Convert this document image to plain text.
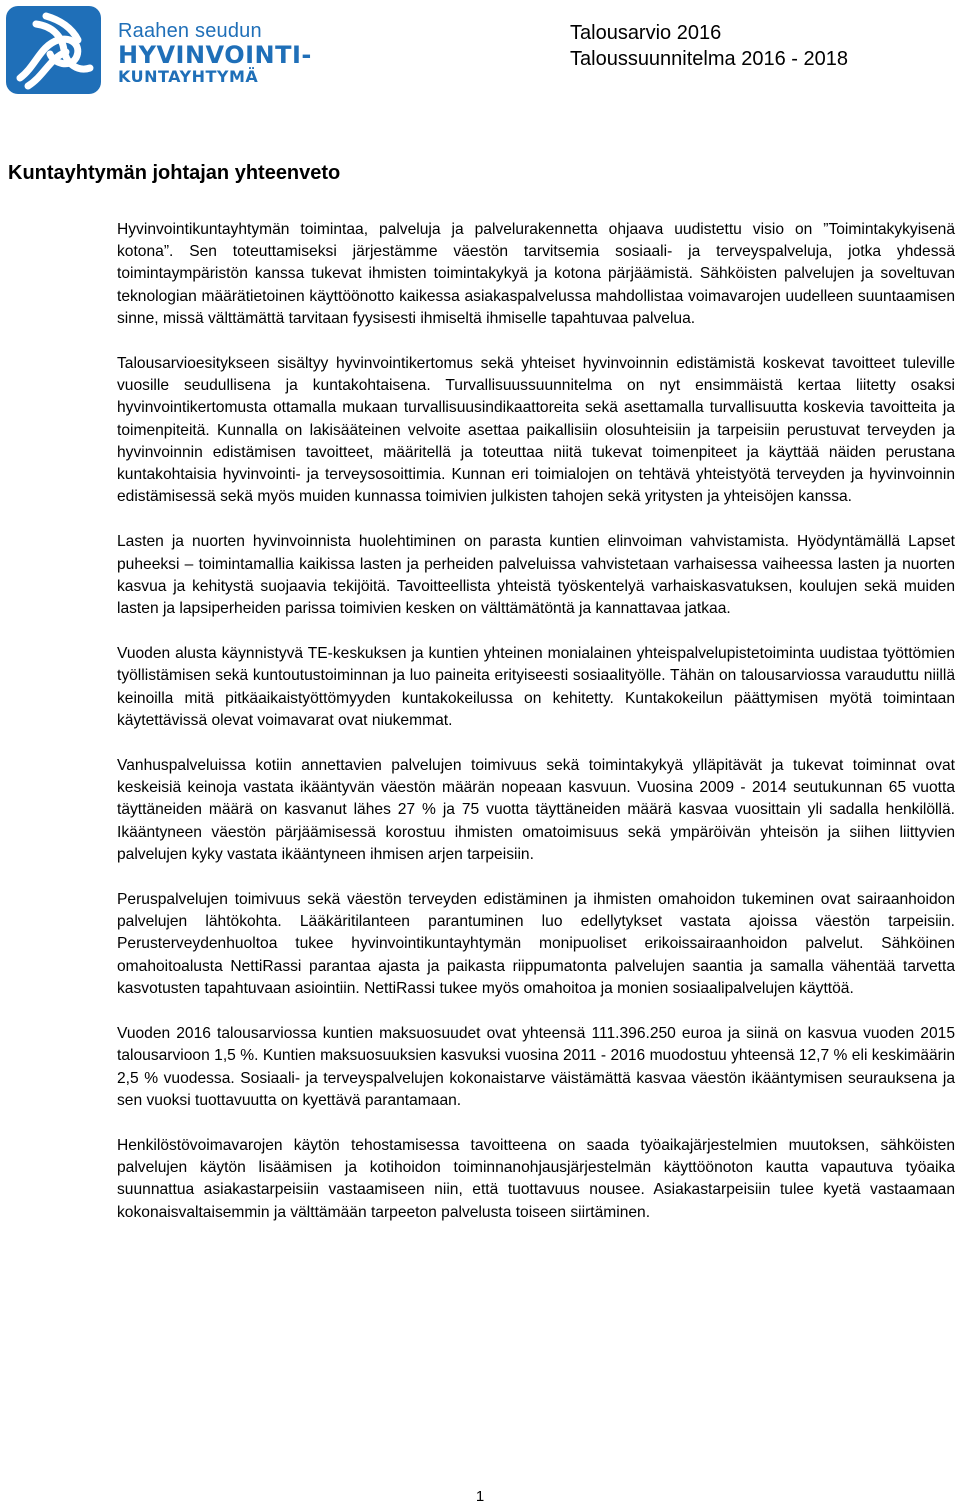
Raahen seudun
HYVINVOINTI-
KUNTAYHTYMÄ
Talousarvio 2016
Taloussuunnitelma 2016 - 2018
Kuntayhtymän johtajan yhteenveto

Hyvinvointikuntayhtymän toimintaa, palveluja ja palvelurakennetta ohjaava uudistettu visio on ”Toimintakykyisenä kotona”. Sen toteuttamiseksi järjestämme väestön tarvitsemia sosiaali- ja terveyspalveluja, jotka yhdessä toimintaympäristön kanssa tukevat ihmisten toimintakykyä ja kotona pärjäämistä. Sähköisten palvelujen ja soveltuvan teknologian määrätietoinen käyttöönotto kaikessa asiakaspalvelussa mahdollistaa voimavarojen uudelleen suuntaamisen sinne, missä välttämättä tarvitaan fyysisesti ihmiseltä ihmiselle tapahtuvaa palvelua.

Talousarvioesitykseen sisältyy hyvinvointikertomus sekä yhteiset hyvinvoinnin edistämistä koskevat tavoitteet tuleville vuosille seudullisena ja kuntakohtaisena. Turvallisuussuunnitelma on nyt ensimmäistä kertaa liitetty osaksi hyvinvointikertomusta ottamalla mukaan turvallisuusindikaattoreita sekä asettamalla turvallisuutta koskevia tavoitteita ja toimenpiteitä. Kunnalla on lakisääteinen velvoite asettaa paikallisiin olosuhteisiin ja tarpeisiin perustuvat terveyden ja hyvinvoinnin edistämisen tavoitteet, määritellä ja toteuttaa niitä tukevat toimenpiteet ja käyttää näiden perustana kuntakohtaisia hyvinvointi- ja terveysosoittimia. Kunnan eri toimialojen on tehtävä yhteistyötä terveyden ja hyvinvoinnin edistämisessä sekä myös muiden kunnassa toimivien julkisten tahojen sekä yritysten ja yhteisöjen kanssa.

Lasten ja nuorten hyvinvoinnista huolehtiminen on parasta kuntien elinvoiman vahvistamista. Hyödyntämällä Lapset puheeksi – toimintamallia kaikissa lasten ja perheiden palveluissa vahvistetaan varhaisessa vaiheessa lasten ja nuorten kasvua ja kehitystä suojaavia tekijöitä. Tavoitteellista yhteistä työskentelyä varhaiskasvatuksen, koulujen sekä muiden lasten ja lapsiperheiden parissa toimivien kesken on välttämätöntä ja kannattavaa jatkaa.

Vuoden alusta käynnistyvä TE-keskuksen ja kuntien yhteinen monialainen yhteispalvelupistetoiminta uudistaa työttömien työllistämisen sekä kuntoutustoiminnan ja luo paineita erityiseesti sosiaalityölle. Tähän on talousarviossa varauduttu niillä keinoilla mitä pitkäaikaistyöttömyyden kuntakokeilussa on kehitetty. Kuntakokeilun päättymisen myötä toimintaan käytettävissä olevat voimavarat ovat niukemmat.

Vanhuspalveluissa kotiin annettavien palvelujen toimivuus sekä toimintakykyä ylläpitävät ja tukevat toiminnat ovat keskeisiä keinoja vastata ikääntyvän väestön määrän nopeaan kasvuun. Vuosina 2009 - 2014 seutukunnan 65 vuotta täyttäneiden määrä on kasvanut lähes 27 % ja 75 vuotta täyttäneiden määrä kasvaa vuosittain yli sadalla henkilöllä. Ikääntyneen väestön pärjäämisessä korostuu ihmisten omatoimisuus sekä ympäröivän yhteisön ja siihen liittyvien palvelujen kyky vastata ikääntyneen ihmisen arjen tarpeisiin.

Peruspalvelujen toimivuus sekä väestön terveyden edistäminen ja ihmisten omahoidon tukeminen ovat sairaanhoidon palvelujen lähtökohta. Lääkäritilanteen parantuminen luo edellytykset vastata ajoissa väestön tarpeisiin. Perusterveydenhuoltoa tukee hyvinvointikuntayhtymän monipuoliset erikoissairaanhoidon palvelut. Sähköinen omahoitoalusta NettiRassi parantaa ajasta ja paikasta riippumatonta palvelujen saantia ja samalla vähentää tarvetta kasvotusten tapahtuvaan asiointiin. NettiRassi tukee myös omahoitoa ja monien sosiaalipalvelujen käyttöä.

Vuoden 2016 talousarviossa kuntien maksuosuudet ovat yhteensä 111.396.250 euroa ja siinä on kasvua vuoden 2015 talousarvioon 1,5 %. Kuntien maksuosuuksien kasvuksi vuosina 2011 - 2016 muodostuu yhteensä 12,7 % eli keskimäärin 2,5 % vuodessa. Sosiaali- ja terveyspalvelujen kokonaistarve väistämättä kasvaa väestön ikääntymisen seurauksena ja sen vuoksi tuottavuutta on kyettävä parantamaan.

Henkilöstövoimavarojen käytön tehostamisessa tavoitteena on saada työaikajärjestelmien muutoksen, sähköisten palvelujen käytön lisäämisen ja kotihoidon toiminnanohjausjärjestelmän käyttöönoton kautta vapautuva työaika suunnattua asiakastarpeisiin vastaamiseen niin, että tuottavuus nousee. Asiakastarpeisiin tulee kyetä vastaamaan kokonaisvaltaisemmin ja välttämään tarpeeton palvelusta toiseen siirtäminen.

1
